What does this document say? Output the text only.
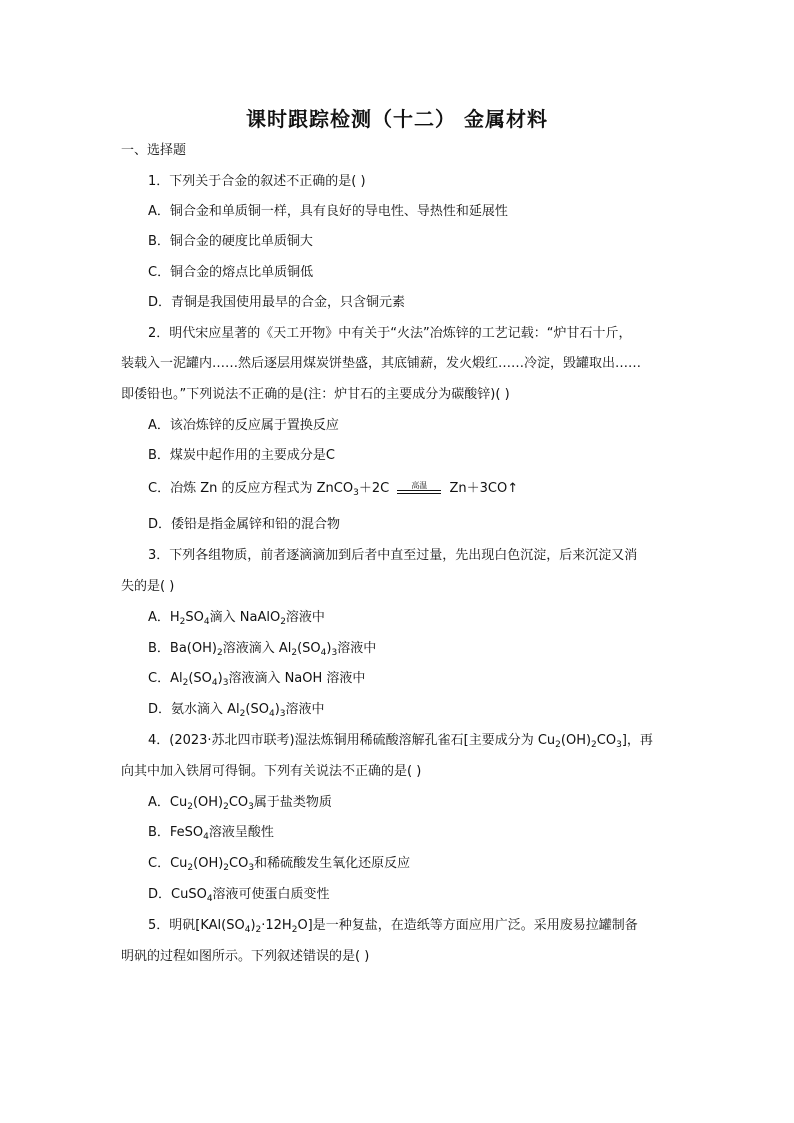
课时跟踪检测（十二） 金属材料
一、选择题
1．下列关于合金的叙述不正确的是( )
A．铜合金和单质铜一样，具有良好的导电性、导热性和延展性
B．铜合金的硬度比单质铜大
C．铜合金的熔点比单质铜低
D．青铜是我国使用最早的合金，只含铜元素
2．明代宋应星著的《天工开物》中有关于“火法”冶炼锌的工艺记载：“炉甘石十斤，
装载入一泥罐内……然后逐层用煤炭饼垫盛，其底铺薪，发火煅红……冷淀，毁罐取出……
即倭铅也。”下列说法不正确的是(注：炉甘石的主要成分为碳酸锌)( )
A．该冶炼锌的反应属于置换反应
B．煤炭中起作用的主要成分是C
C．冶炼 Zn 的反应方程式为 ZnCO$_3$＋2C	高温	Zn＋3CO↑
D．倭铅是指金属锌和铅的混合物
3．下列各组物质，前者逐滴滴加到后者中直至过量，先出现白色沉淀，后来沉淀又消
失的是( )
A．$H_2SO_4$滴入 NaAlO$_2$溶液中
B．$Ba(OH)_2$溶液滴入 $Al_2(SO_4)_3$溶液中
C．$Al_2(SO_4)_3$溶液滴入 NaOH 溶液中
D．氨水滴入 $Al_2(SO_4)_3$溶液中
4．(2023·苏北四市联考)湿法炼铜用稀硫酸溶解孔雀石[主要成分为 $Cu_2(OH)_2CO_3$]，再
向其中加入铁屑可得铜。下列有关说法不正确的是( )
A．$Cu_2(OH)_2CO_3$属于盐类物质
B．FeSO$_4$溶液呈酸性
C．$Cu_2(OH)_2CO_3$和稀硫酸发生氧化还原反应
D．CuSO$_4$溶液可使蛋白质变性
5．明矾$[KAl(SO_4)_2\cdot 12H_2O]$是一种复盐，在造纸等方面应用广泛。采用废易拉罐制备
明矾的过程如图所示。下列叙述错误的是( )
